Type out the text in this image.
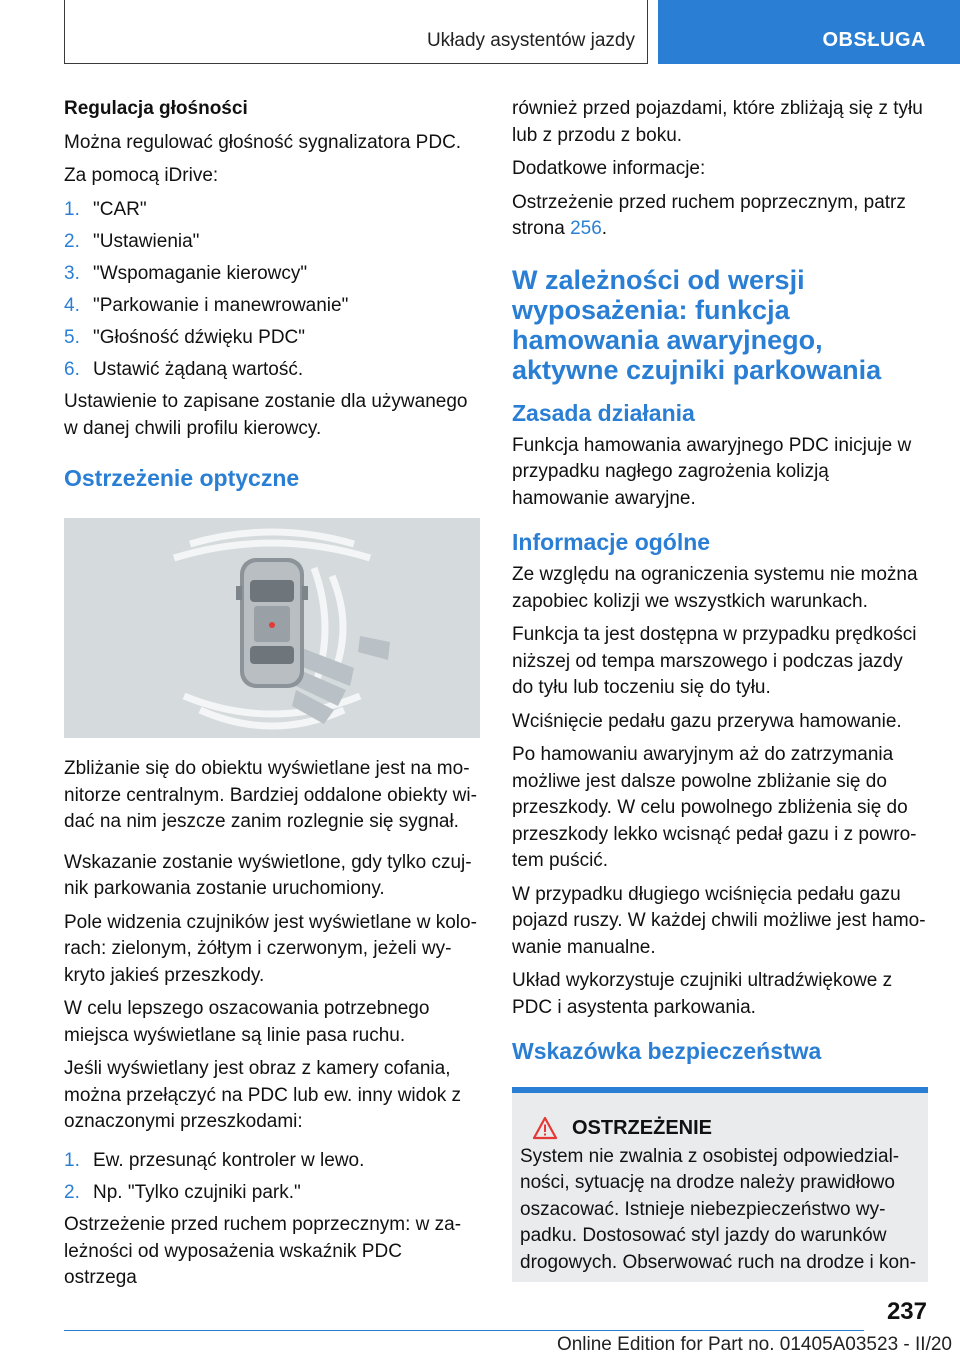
Układy asystentów jazdy	OBSŁUGA

Regulacja głośności

Można regulować głośność sygnalizatora PDC.

Za pomocą iDrive:

1. "CAR"
2. "Ustawienia"
3. "Wspomaganie kierowcy"
4. "Parkowanie i manewrowanie"
5. "Głośność dźwięku PDC"
6. Ustawić żądaną wartość.

Ustawienie to zapisane zostanie dla używanego w danej chwili profilu kierowcy.

Ostrzeżenie optyczne

Zbliżanie się do obiektu wyświetlane jest na mo-nitorze centralnym. Bardziej oddalone obiekty wi-dać na nim jeszcze zanim rozlegnie się sygnał.

Wskazanie zostanie wyświetlone, gdy tylko czuj-nik parkowania zostanie uruchomiony.

Pole widzenia czujników jest wyświetlane w kolo-rach: zielonym, żółtym i czerwonym, jeżeli wy-kryto jakieś przeszkody.

W celu lepszego oszacowania potrzebnego miejsca wyświetlane są linie pasa ruchu.

Jeśli wyświetlany jest obraz z kamery cofania, można przełączyć na PDC lub ew. inny widok z oznaczonymi przeszkodami:

1. Ew. przesunąć kontroler w lewo.
2. Np. "Tylko czujniki park."

Ostrzeżenie przed ruchem poprzecznym: w za-leżności od wyposażenia wskaźnik PDC ostrzega

również przed pojazdami, które zbliżają się z tyłu lub z przodu z boku.

Dodatkowe informacje:

Ostrzeżenie przed ruchem poprzecznym, patrz strona 256.

W zależności od wersji wyposażenia: funkcja hamowania awaryjnego, aktywne czujniki parkowania
Zasada działania

Funkcja hamowania awaryjnego PDC inicjuje w przypadku nagłego zagrożenia kolizją hamowanie awaryjne.

Informacje ogólne

Ze względu na ograniczenia systemu nie można zapobiec kolizji we wszystkich warunkach.

Funkcja ta jest dostępna w przypadku prędkości niższej od tempa marszowego i podczas jazdy do tyłu lub toczeniu się do tyłu.

Wciśnięcie pedału gazu przerywa hamowanie.

Po hamowaniu awaryjnym aż do zatrzymania możliwe jest dalsze powolne zbliżanie się do przeszkody. W celu powolnego zbliżenia się do przeszkody lekko wcisnąć pedał gazu i z powro-tem puścić.

W przypadku długiego wciśnięcia pedału gazu pojazd ruszy. W każdej chwili możliwe jest hamo-wanie manualne.

Układ wykorzystuje czujniki ultradźwiękowe z PDC i asystenta parkowania.

Wskazówka bezpieczeństwa
OSTRZEŻENIE
System nie zwalnia z osobistej odpowiedzial-ności, sytuację na drodze należy prawidłowo oszacować. Istnieje niebezpieczeństwo wy-padku. Dostosować styl jazdy do warunków drogowych. Obserwować ruch na drodze i kon-
237
Online Edition for Part no. 01405A03523 - II/20
